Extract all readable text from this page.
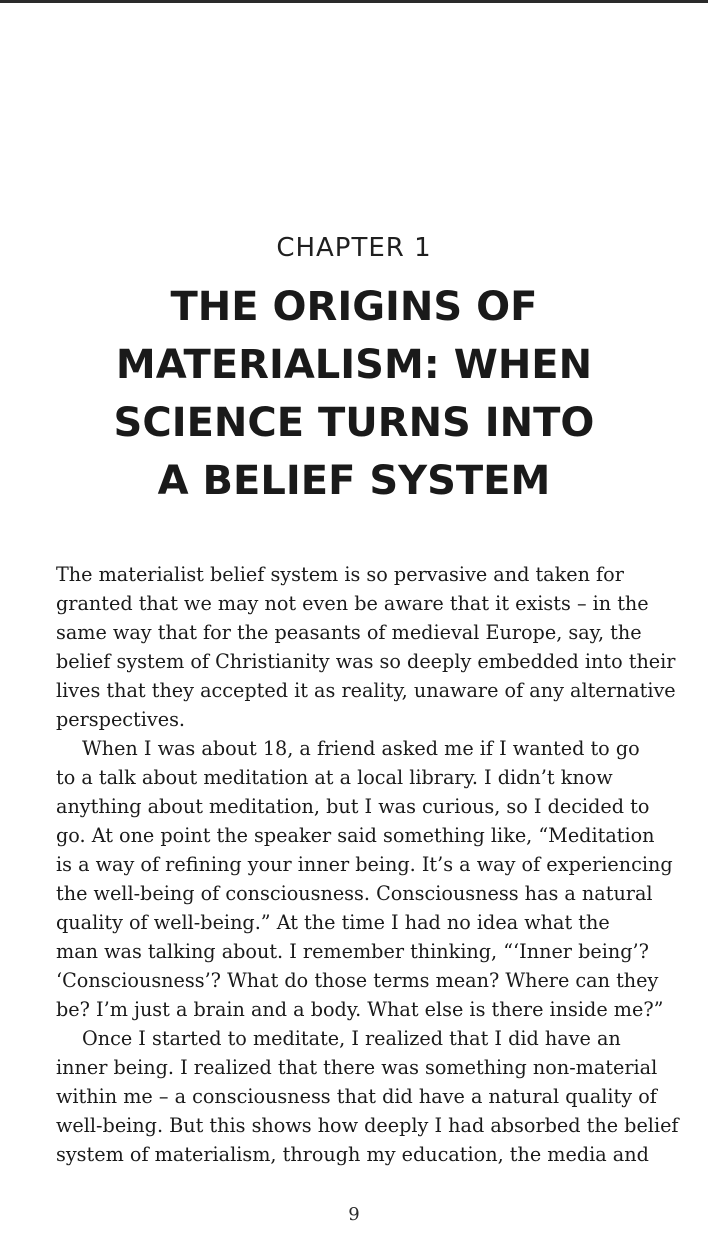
CHAPTER 1
THE ORIGINS OF
MATERIALISM: WHEN
SCIENCE TURNS INTO
A BELIEF SYSTEM
The materialist belief system is so pervasive and taken for
granted that we may not even be aware that it exists – in the
same way that for the peasants of medieval Europe, say, the
belief system of Christianity was so deeply embedded into their
lives that they accepted it as reality, unaware of any alternative
perspectives.
When I was about 18, a friend asked me if I wanted to go
to a talk about meditation at a local library. I didn’t know
anything about meditation, but I was curious, so I decided to
go. At one point the speaker said something like, “Meditation
is a way of refining your inner being. It’s a way of experiencing
the well-being of consciousness. Consciousness has a natural
quality of well-being.” At the time I had no idea what the
man was talking about. I remember thinking, “‘Inner being’?
‘Consciousness’? What do those terms mean? Where can they
be? I’m just a brain and a body. What else is there inside me?”
Once I started to meditate, I realized that I did have an
inner being. I realized that there was something non-material
within me – a consciousness that did have a natural quality of
well-being. But this shows how deeply I had absorbed the belief
system of materialism, through my education, the media and
9
